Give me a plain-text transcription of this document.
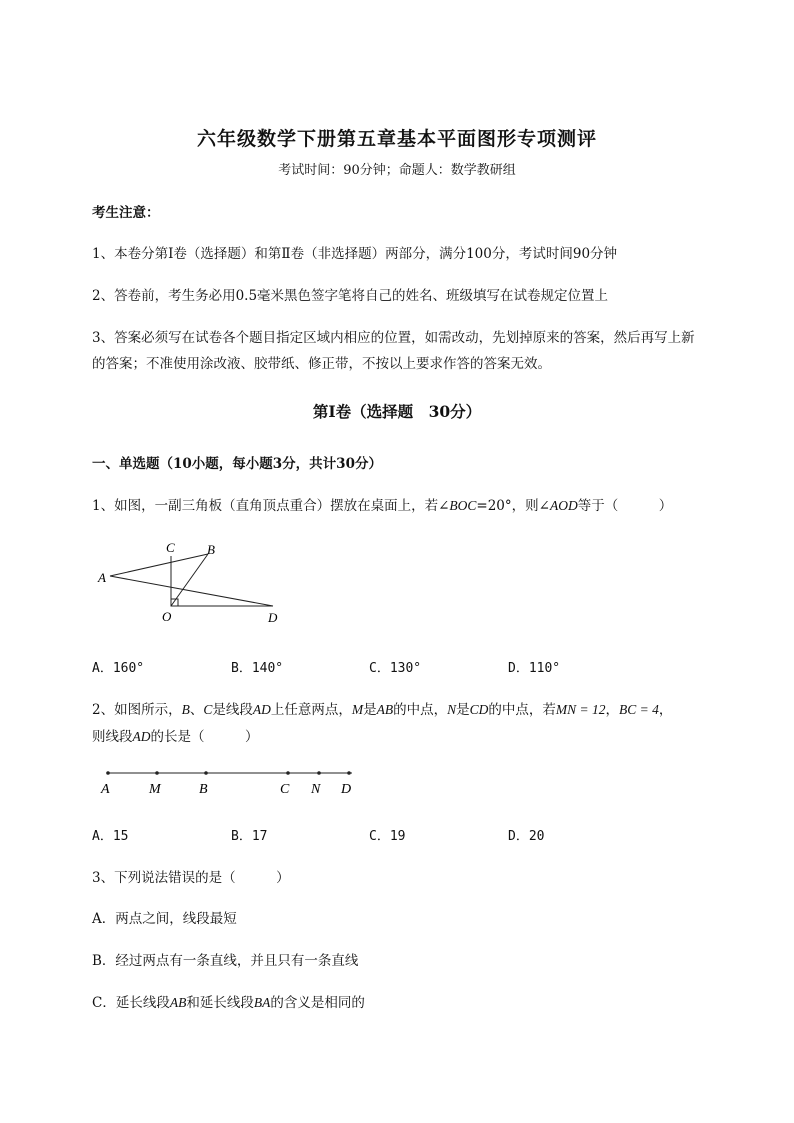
六年级数学下册第五章基本平面图形专项测评
考试时间：90分钟；命题人：数学教研组
考生注意：
1、本卷分第I卷（选择题）和第Ⅱ卷（非选择题）两部分，满分100分，考试时间90分钟
2、答卷前，考生务必用0.5毫米黑色签字笔将自己的姓名、班级填写在试卷规定位置上
3、答案必须写在试卷各个题目指定区域内相应的位置，如需改动，先划掉原来的答案，然后再写上新
的答案；不准使用涂改液、胶带纸、修正带，不按以上要求作答的答案无效。
第I卷（选择题　30分）
一、单选题（10小题，每小题3分，共计30分）
1、如图，一副三角板（直角顶点重合）摆放在桌面上，若∠BOC=20°，则∠AOD等于（　　　）
A
C B
O	D
A．160°	B．140°	C．130°	D．110°
2、如图所示，B、C是线段AD上任意两点，M是AB的中点，N是CD的中点，若MN = 12，BC = 4，
则线段AD的长是（　　　）
A	M	B	C N D
A．15	B．17	C．19	D．20
3、下列说法错误的是（　　　）
A．两点之间，线段最短
B．经过两点有一条直线，并且只有一条直线
C．延长线段AB和延长线段BA的含义是相同的
